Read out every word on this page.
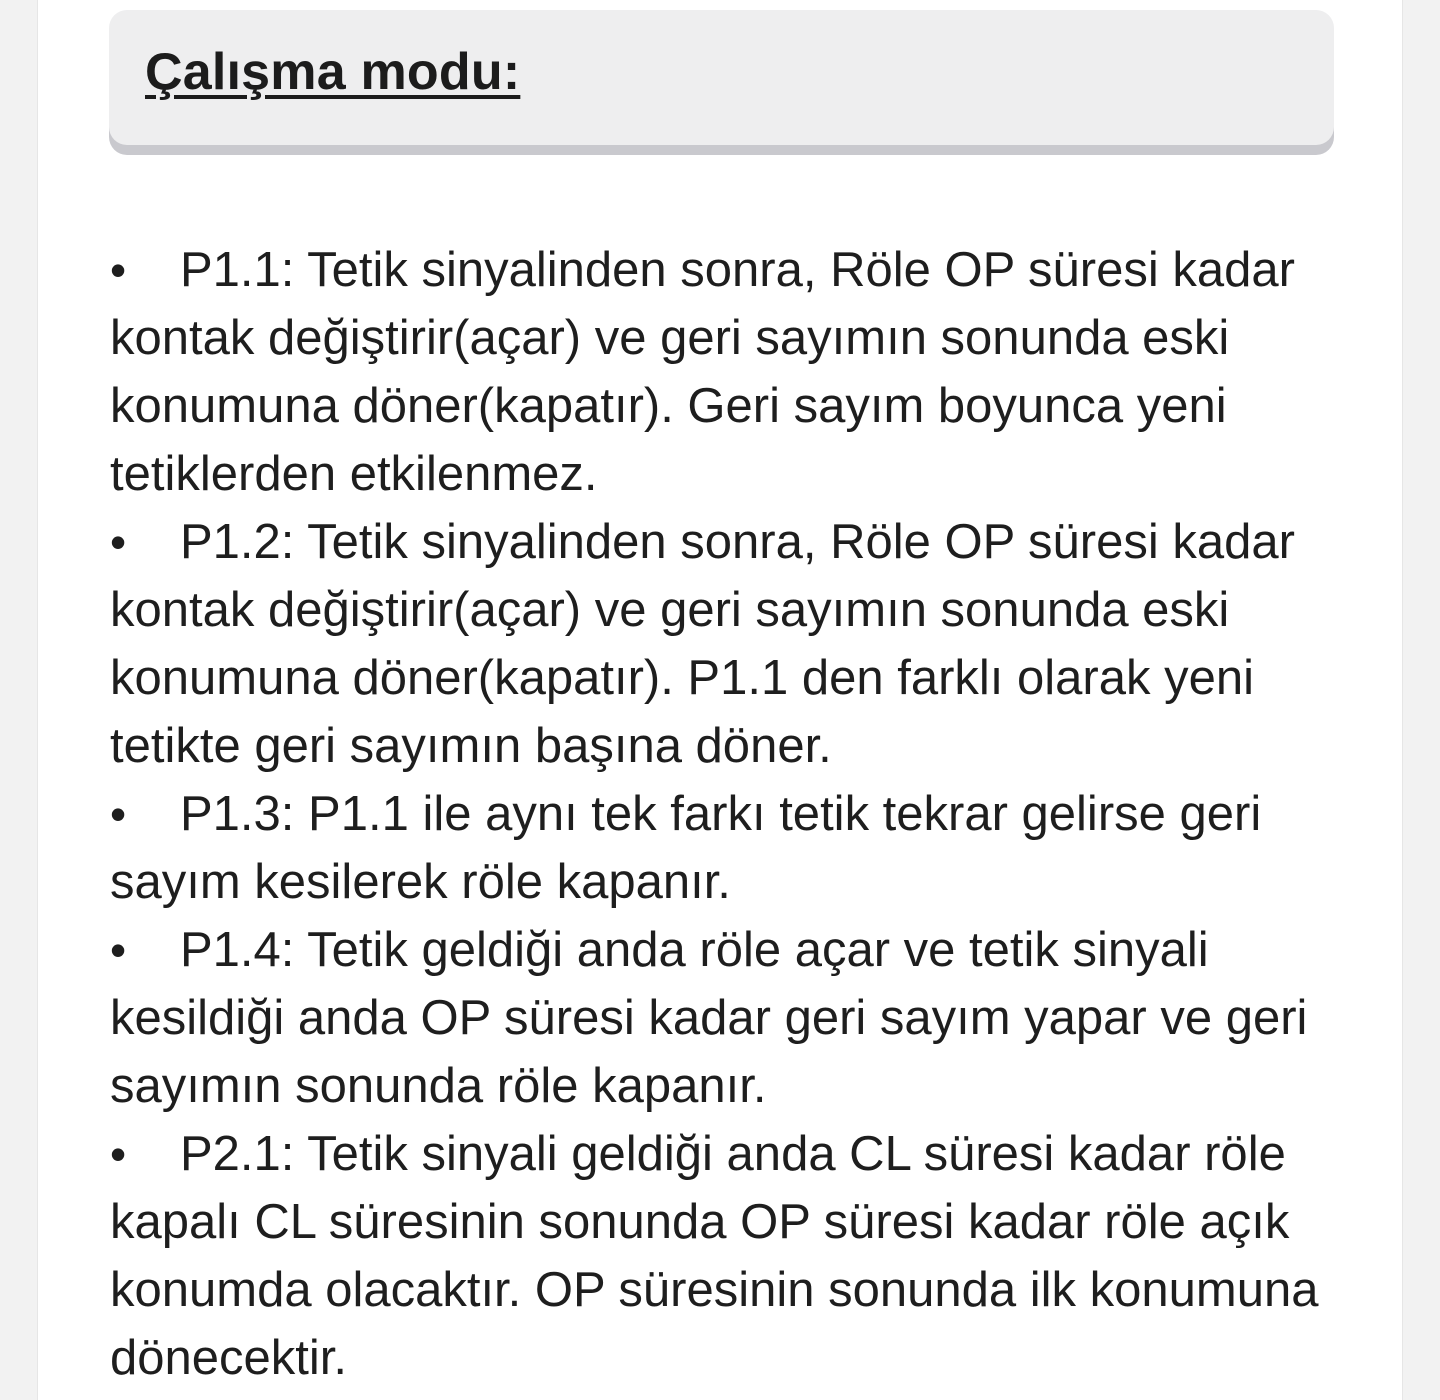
Çalışma modu:
• P1.1: Tetik sinyalinden sonra, Röle OP süresi kadar kontak değiştirir(açar) ve geri sayımın sonunda eski konumuna döner(kapatır). Geri sayım boyunca yeni tetiklerden etkilenmez.
• P1.2: Tetik sinyalinden sonra, Röle OP süresi kadar kontak değiştirir(açar) ve geri sayımın sonunda eski konumuna döner(kapatır). P1.1 den farklı olarak yeni tetikte geri sayımın başına döner.
• P1.3: P1.1 ile aynı tek farkı tetik tekrar gelirse geri sayım kesilerek röle kapanır.
• P1.4: Tetik geldiği anda röle açar ve tetik sinyali kesildiği anda OP süresi kadar geri sayım yapar ve geri sayımın sonunda röle kapanır.
• P2.1: Tetik sinyali geldiği anda CL süresi kadar röle kapalı CL süresinin sonunda OP süresi kadar röle açık konumda olacaktır. OP süresinin sonunda ilk konumuna dönecektir.
